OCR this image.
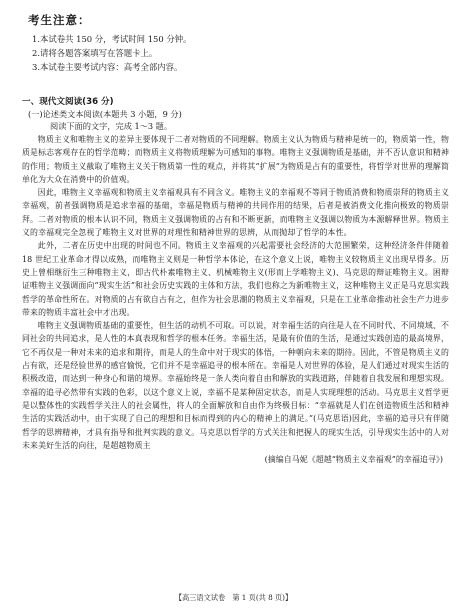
考生注意：
1.本试卷共 150 分，考试时间 150 分钟。
2.请将各题答案填写在答题卡上。
3.本试卷主要考试内容：高考全部内容。
一、现代文阅读(36 分)
(一)论述类文本阅读(本题共 3 小题，9 分)
阅读下面的文字，完成 1～3 题。

物质主义和唯物主义的差异主要体现于二者对物质的不同理解。物质主义认为物质与精神是统一的，物质第一性，物质是标志客观存在的哲学范畴；而物质主义将物质理解为可感知的事物。唯物主义强调物质是基础，并不否认意识和精神的作用；物质主义截取了唯物主义关于物质第一性的观点，并将其“扩展”为物质是占有的重要性，将哲学对世界的理解简单化为大众在消费中的价值观。

因此，唯物主义幸福观和物质主义幸福观具有不同含义。唯物主义的幸福观不等同于物质消费和物质崇拜的物质主义幸福观，前者强调物质是追求幸福的基础，幸福是物质与精神的共同作用的结果，后者是被消费文化推向极致的物质崇拜。二者对物质的根本认识不同，物质主义强调物质的占有和不断更新，而唯物主义强调以物质为本源解释世界。物质主义的幸福观完全忽视了唯物主义对世界的对理性和精神世界的思辨，从而抛却了哲学的本性。

此外，二者在历史中出现的时间也不同。物质主义幸福观的兴起需要社会经济的大范围繁荣，这种经济条件伴随着 18 世纪工业革命才得以成熟，而唯物主义则是一种哲学本体论，在这个意义上说，唯物主义较物质主义出现早得多。历史上曾相继衍生三种唯物主义，即古代朴素唯物主义、机械唯物主义(形而上学唯物主义)、马克思的辩证唯物主义。困辩证唯物主义强调面向“现实生活”和社会历史实践的主体和方法，我们也称之为新唯物主义，这种唯物主义正是马克思实践哲学的革命性所在。对物质的占有欲自古有之，但作为社会思潮的物质主义幸福观，只是在工业革命推动社会生产力进步带来的物质丰富社会中才出现。

唯物主义强调物质基础的重要性，但生活的动机不可取。可以说，对幸福生活的向往是人在不同时代、不同境域、不同社会的共同追求，是人性的本真表现和哲学的根本任务。幸福生活，是最有价值的生活，是通过实践创造的最高境界，它不再仅是一种对未来的追求和期待，而是人的生命中对于现实的体悟，一种朝向未来的期待。因此，不管是物质主义的占有欲，还是经验世界的感官愉悦，它们并不是幸福追寻的根本所在。幸福是人对世界的体验，是人们通过对现实生活的积极改造，而达到一种身心和谐的境界。幸福始终是一条人类向着自由和解放的实践道路，伴随着自我发展和理想实现。幸福的追寻必然带有实践的色彩，以这个意义上说，幸福不是某种固定状态，而是人实现理想的活动。马克思主义哲学更是以整体性的实践哲学关注人的社会属性，将人的全面解放和自由作为终极目标：“幸福就是人们在创造物质生活和精神生活的实践活动中，由于实现了自己的理想和目标而得到的内心的精神上的满足。”(马克思语)因此，幸福的追寻只有伴随哲学的思辨精神，才具有指导和批判实践的意义。马克思以哲学的方式关注和把握人的现实生活，引导现实生活中的人对未来美好生活的向往，是超越物质主

(摘编自马妮《超越“物质主义幸福观”的幸福追寻》)
【高三语文试卷　第 1 页(共 8 页)】
